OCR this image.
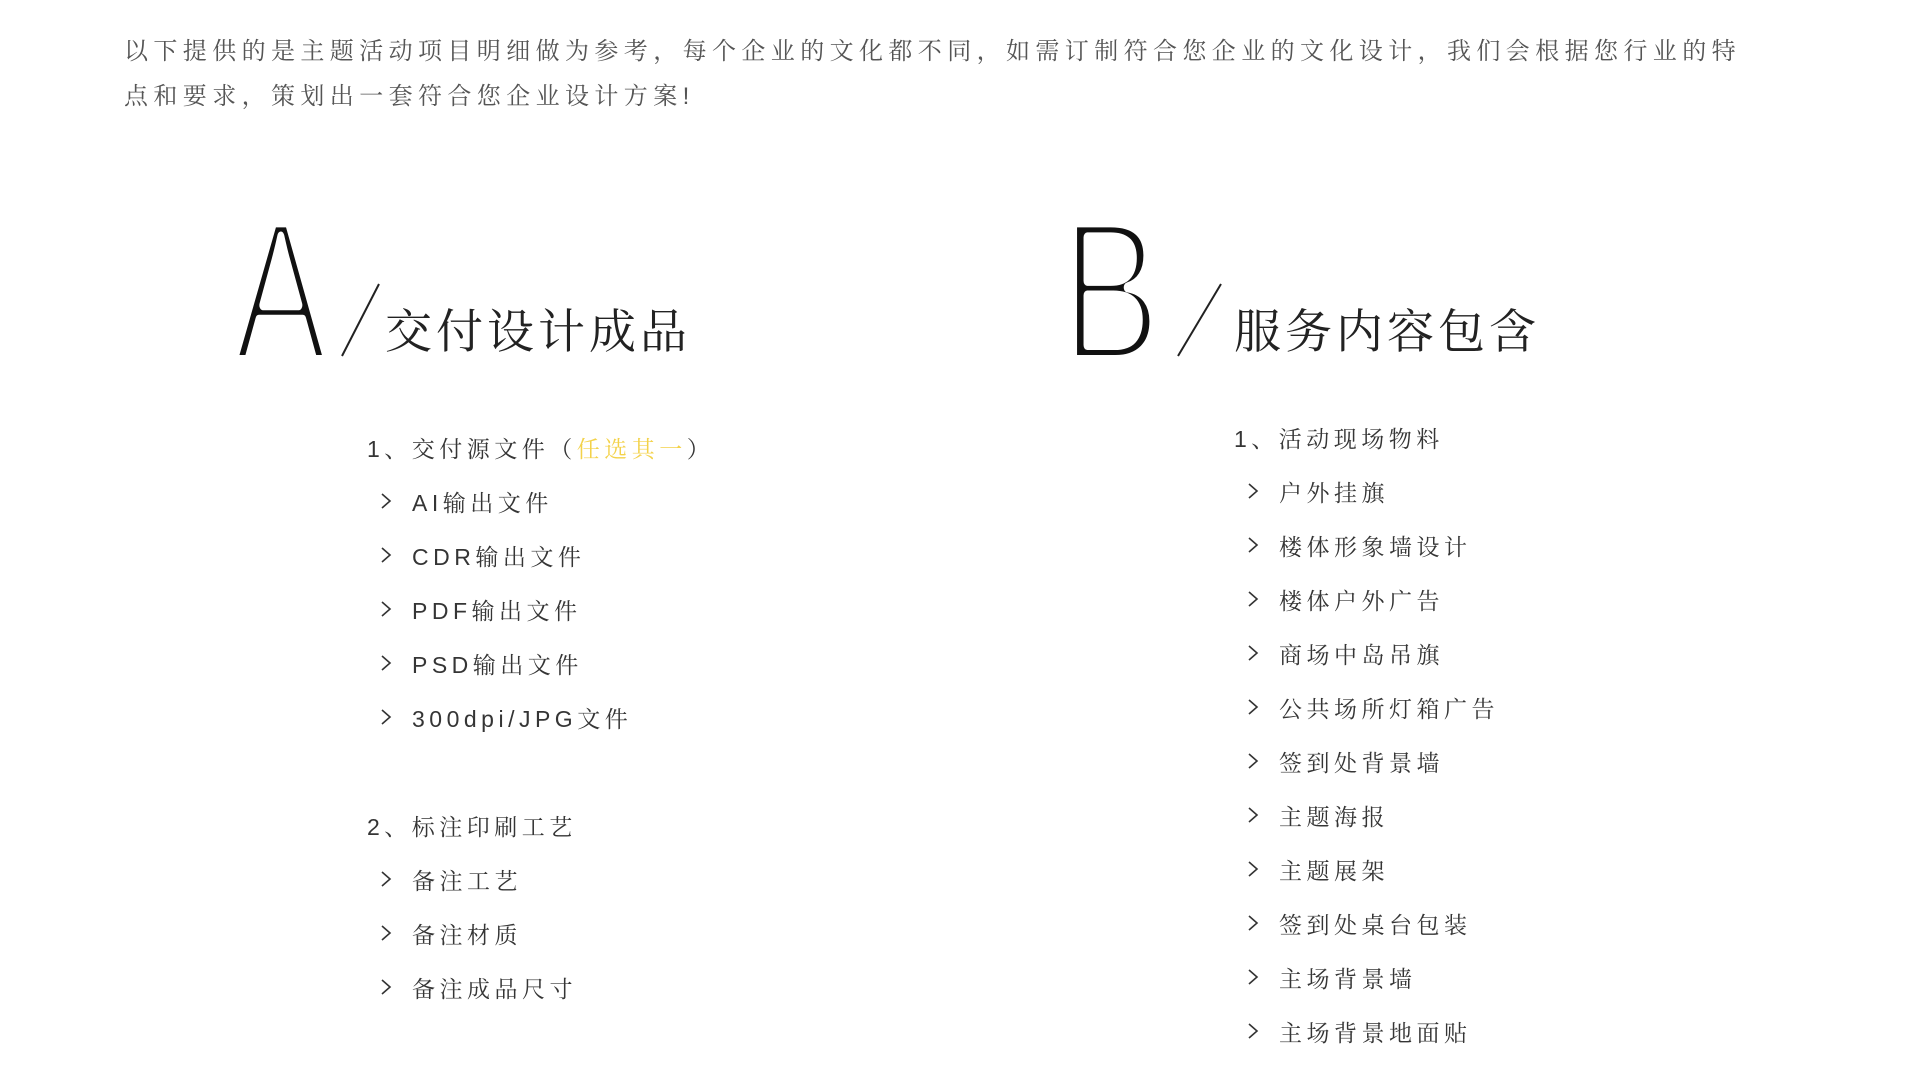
以下提供的是主题活动项目明细做为参考，每个企业的文化都不同，如需订制符合您企业的文化设计，我们会根据您行业的特
点和要求，策划出一套符合您企业设计方案!
A	B
交付设计成品	服务内容包含
1、交付源文件 （ 任选其一 ）
AI输出文件
CDR输出文件
PDF输出文件
PSD输出文件
300dpi/JPG文件
2、标注印刷工艺
备注工艺
备注材质
备注成品尺寸
1、活动现场物料
户外挂旗
楼体形象墙设计
楼体户外广告
商场中岛吊旗
公共场所灯箱广告
签到处背景墙
主题海报
主题展架
签到处桌台包装
主场背景墙
主场背景地面贴
